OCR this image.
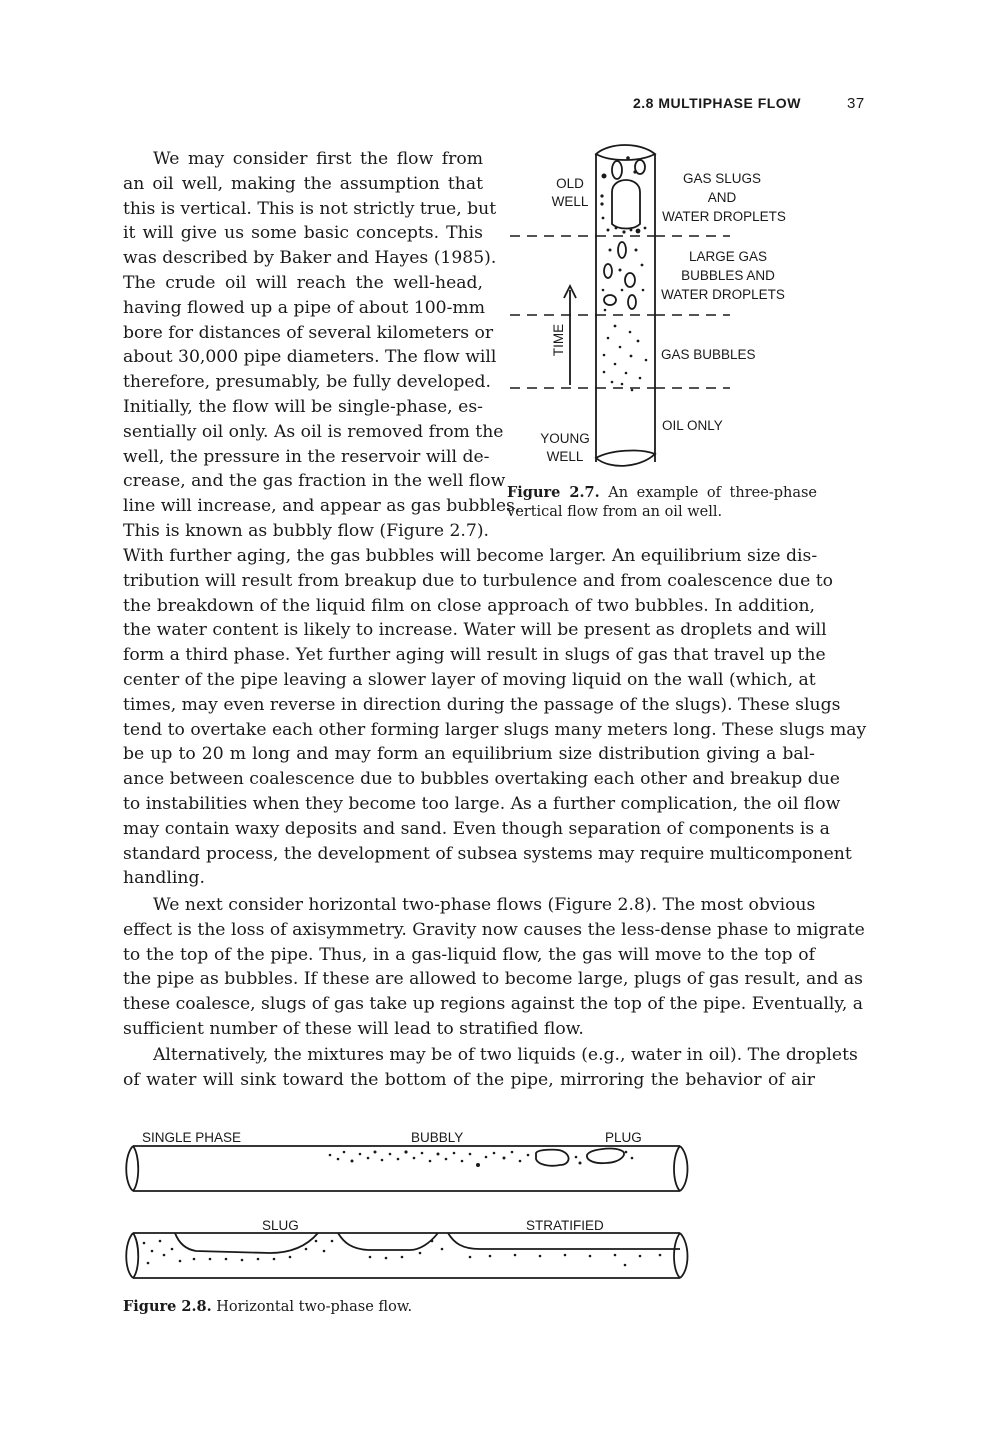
2.8 MULTIPHASE FLOW	37
We may consider first the flow from
an oil well, making the assumption that
this is vertical. This is not strictly true, but
it will give us some basic concepts. This
was described by Baker and Hayes (1985).
The crude oil will reach the well-head,
having flowed up a pipe of about 100-mm
bore for distances of several kilometers or
about 30,000 pipe diameters. The flow will
therefore, presumably, be fully developed.
Initially, the flow will be single-phase, es-
sentially oil only. As oil is removed from the
well, the pressure in the reservoir will de-
crease, and the gas fraction in the well flow
line will increase, and appear as gas bubbles.
This is known as bubbly flow (Figure 2.7).
With further aging, the gas bubbles will become larger. An equilibrium size dis-
tribution will result from breakup due to turbulence and from coalescence due to
the breakdown of the liquid film on close approach of two bubbles. In addition,
the water content is likely to increase. Water will be present as droplets and will
form a third phase. Yet further aging will result in slugs of gas that travel up the
center of the pipe leaving a slower layer of moving liquid on the wall (which, at
times, may even reverse in direction during the passage of the slugs). These slugs
tend to overtake each other forming larger slugs many meters long. These slugs may
be up to 20 m long and may form an equilibrium size distribution giving a bal-
ance between coalescence due to bubbles overtaking each other and breakup due
to instabilities when they become too large. As a further complication, the oil flow
may contain waxy deposits and sand. Even though separation of components is a
standard process, the development of subsea systems may require multicomponent
handling.
We next consider horizontal two-phase flows (Figure 2.8). The most obvious
effect is the loss of axisymmetry. Gravity now causes the less-dense phase to migrate
to the top of the pipe. Thus, in a gas-liquid flow, the gas will move to the top of
the pipe as bubbles. If these are allowed to become large, plugs of gas result, and as
these coalesce, slugs of gas take up regions against the top of the pipe. Eventually, a
sufficient number of these will lead to stratified flow.
Alternatively, the mixtures may be of two liquids (e.g., water in oil). The droplets
of water will sink toward the bottom of the pipe, mirroring the behavior of air
OLD
WELL
YOUNG
WELL
TIME
GAS SLUGS
AND
WATER DROPLETS
LARGE GAS
BUBBLES AND
WATER DROPLETS
GAS BUBBLES
OIL ONLY

Figure 2.7. An example of three-phase
vertical flow from an oil well.

SINGLE PHASE	BUBBLY	PLUG
SLUG	STRATIFIED

Figure 2.8. Horizontal two-phase flow.
